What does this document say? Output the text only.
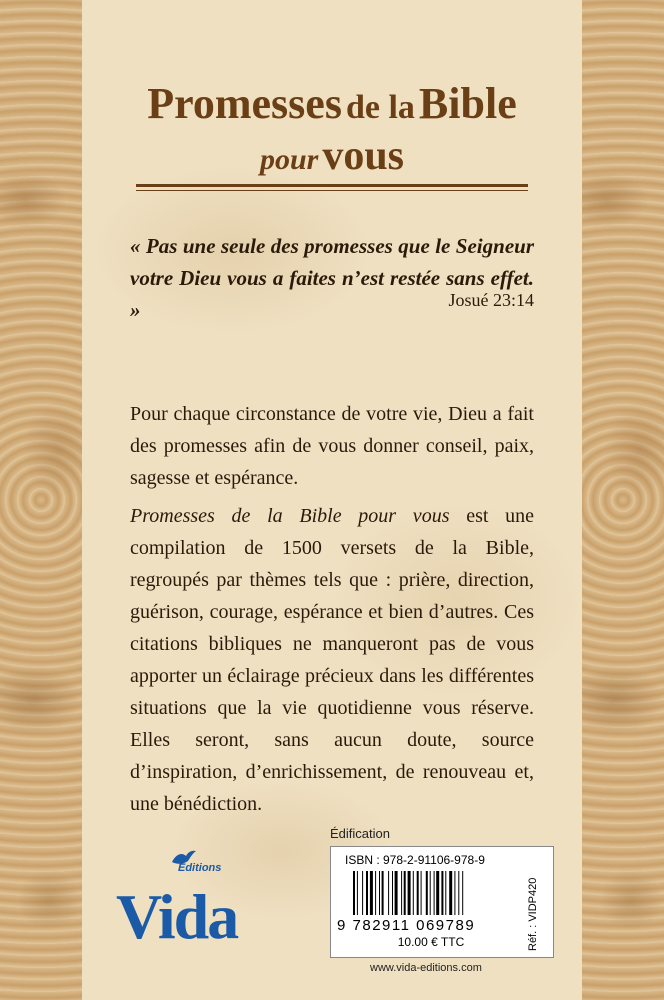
Promesses de la Bible
pour vous
« Pas une seule des promesses que le Seigneur votre Dieu vous a faites n’est restée sans effet. »	Josué 23:14

Pour chaque circonstance de votre vie, Dieu a fait des promesses afin de vous donner conseil, paix, sagesse et espérance.

Promesses de la Bible pour vous est une compilation de 1500 versets de la Bible, regroupés par thèmes tels que : prière, direction, guérison, courage, espérance et bien d’autres. Ces citations bibliques ne manqueront pas de vous apporter un éclairage précieux dans les différentes situations que la vie quotidienne vous réserve. Elles seront, sans aucun doute, source d’inspiration, d’enrichissement, de renouveau et, une bénédiction.

Éditions
Vida
Édification
ISBN : 978-2-91106-978-9
9 782911 069789
10.00 € TTC	Réf. : VIDP420
www.vida-editions.com
